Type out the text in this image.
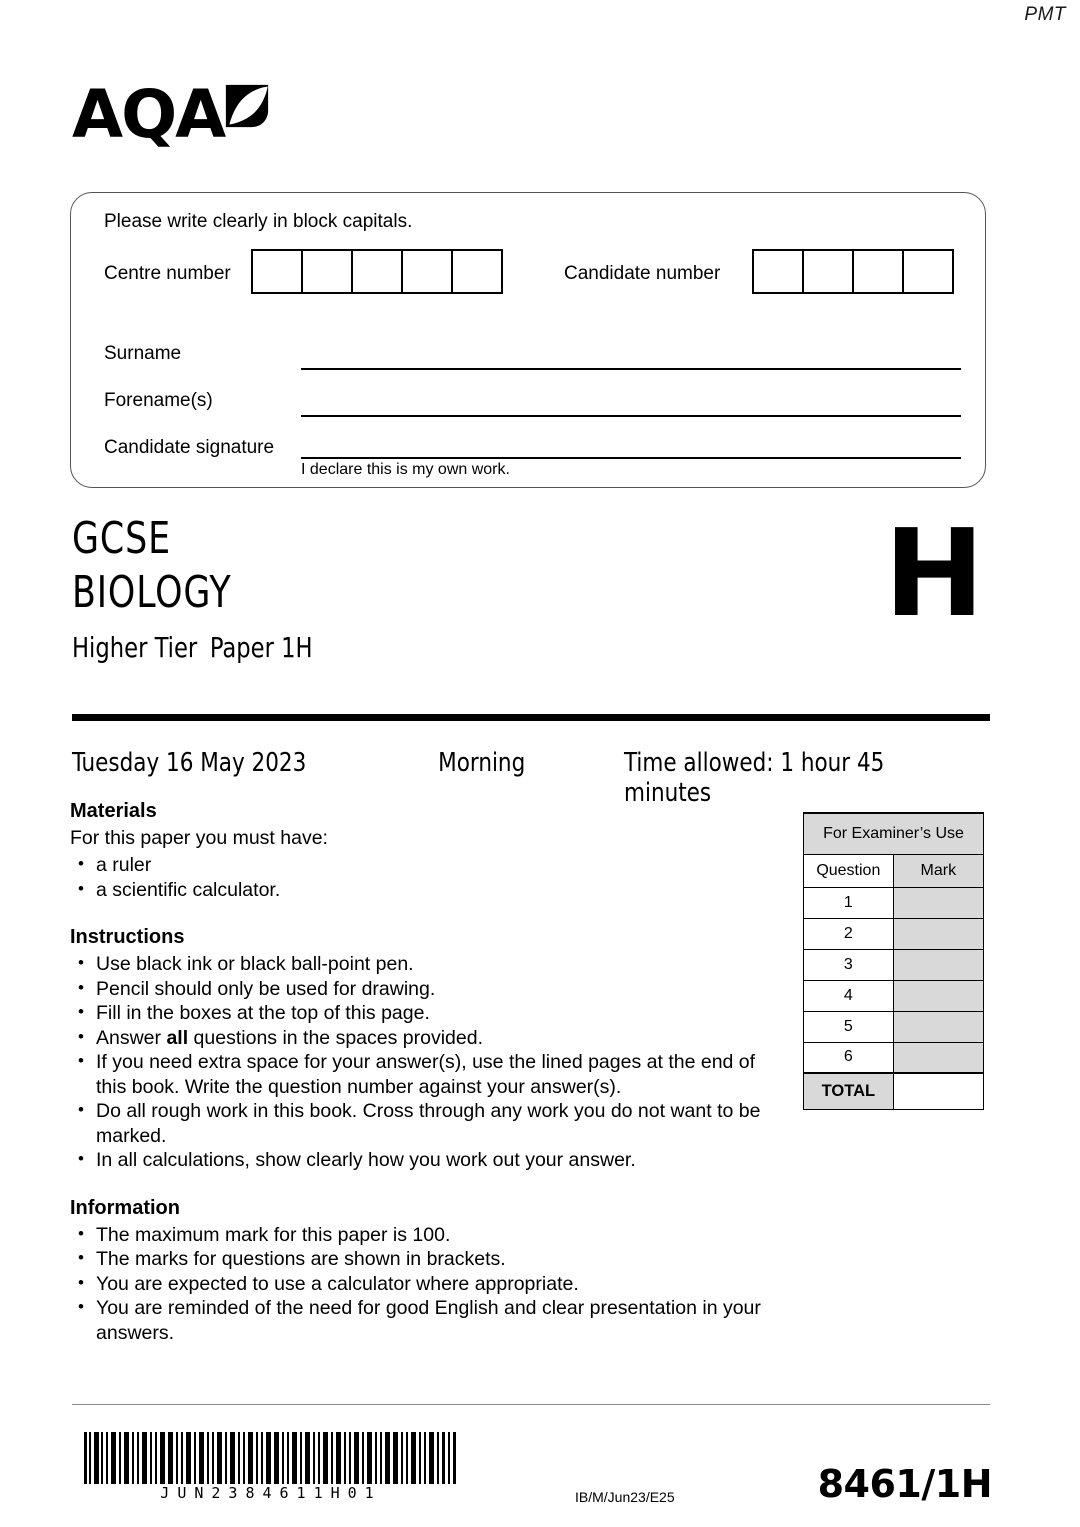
PMT
AQA
Please write clearly in block capitals.
Centre number	Candidate number
Surname
Forename(s)
Candidate signature
I declare this is my own work.
GCSE
BIOLOGY
Higher Tier Paper 1H
H
Tuesday 16 May 2023	Morning	Time allowed: 1 hour 45 minutes
Materials
For this paper you must have:
• a ruler
• a scientific calculator.
Instructions
• Use black ink or black ball-point pen.
• Pencil should only be used for drawing.
• Fill in the boxes at the top of this page.
• Answer all questions in the spaces provided.
• If you need extra space for your answer(s), use the lined pages at the end of this book. Write the question number against your answer(s).
• Do all rough work in this book. Cross through any work you do not want to be marked.
• In all calculations, show clearly how you work out your answer.
Information
• The maximum mark for this paper is 100.
• The marks for questions are shown in brackets.
• You are expected to use a calculator where appropriate.
• You are reminded of the need for good English and clear presentation in your answers.
For Examiner’s Use	
Question	Mark
1	
2	
3	
4	
5	
6	
TOTAL	
JUN2384611H01	IB/M/Jun23/E25	8461/1H
